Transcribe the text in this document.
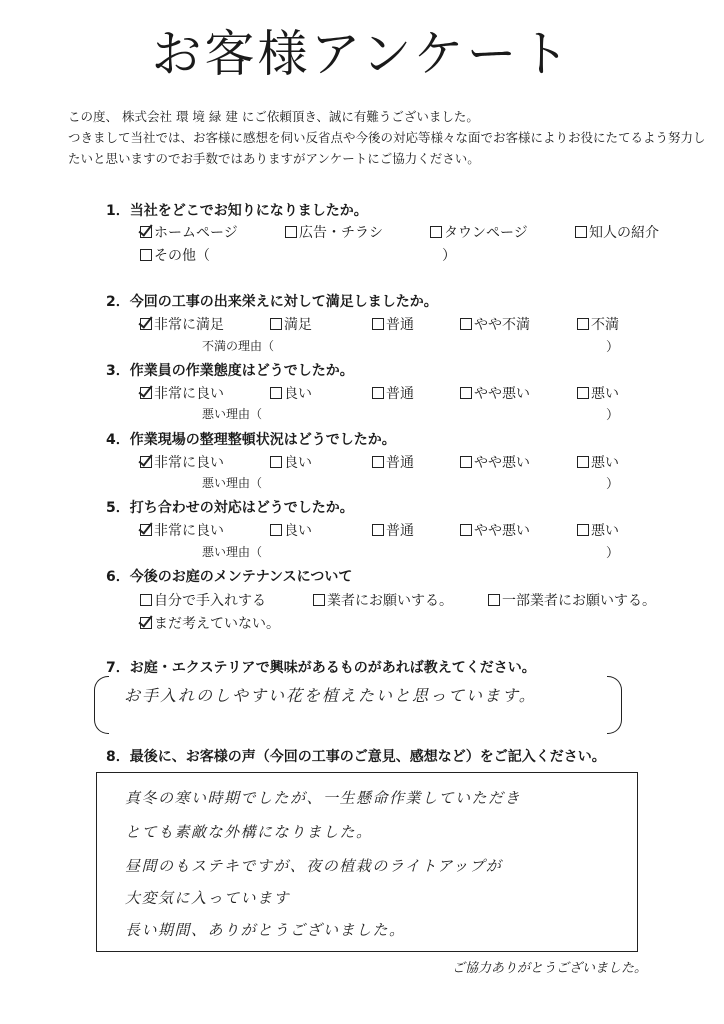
お客様アンケート
この度、 株式会社 環 境 緑 建 にご依頼頂き、誠に有難うございました。
つきまして当社では、お客様に感想を伺い反省点や今後の対応等様々な面でお客様によりお役にたてるよう努力し
たいと思いますのでお手数ではありますがアンケートにご協力ください。
1．当社をどこでお知りになりましたか。
ホームページ	広告・チラシ	タウンページ	知人の紹介
その他（	）
2．今回の工事の出来栄えに対して満足しましたか。
非常に満足	満足	普通	やや不満	不満
不満の理由（	）
3．作業員の作業態度はどうでしたか。
非常に良い	良い	普通	やや悪い	悪い
悪い理由（	）
4．作業現場の整理整頓状況はどうでしたか。
非常に良い	良い	普通	やや悪い	悪い
悪い理由（	）
5．打ち合わせの対応はどうでしたか。
非常に良い	良い	普通	やや悪い	悪い
悪い理由（	）
6．今後のお庭のメンテナンスについて
自分で手入れする	業者にお願いする。	一部業者にお願いする。
まだ考えていない。
7．お庭・エクステリアで興味があるものがあれば教えてください。
お手入れのしやすい花を植えたいと思っています。
8．最後に、お客様の声（今回の工事のご意見、感想など）をご記入ください。
真冬の寒い時期でしたが、一生懸命作業していただき
とても素敵な外構になりました。
昼間のもステキですが、夜の植栽のライトアップが
大変気に入っています
長い期間、ありがとうございました。
ご協力ありがとうございました。
